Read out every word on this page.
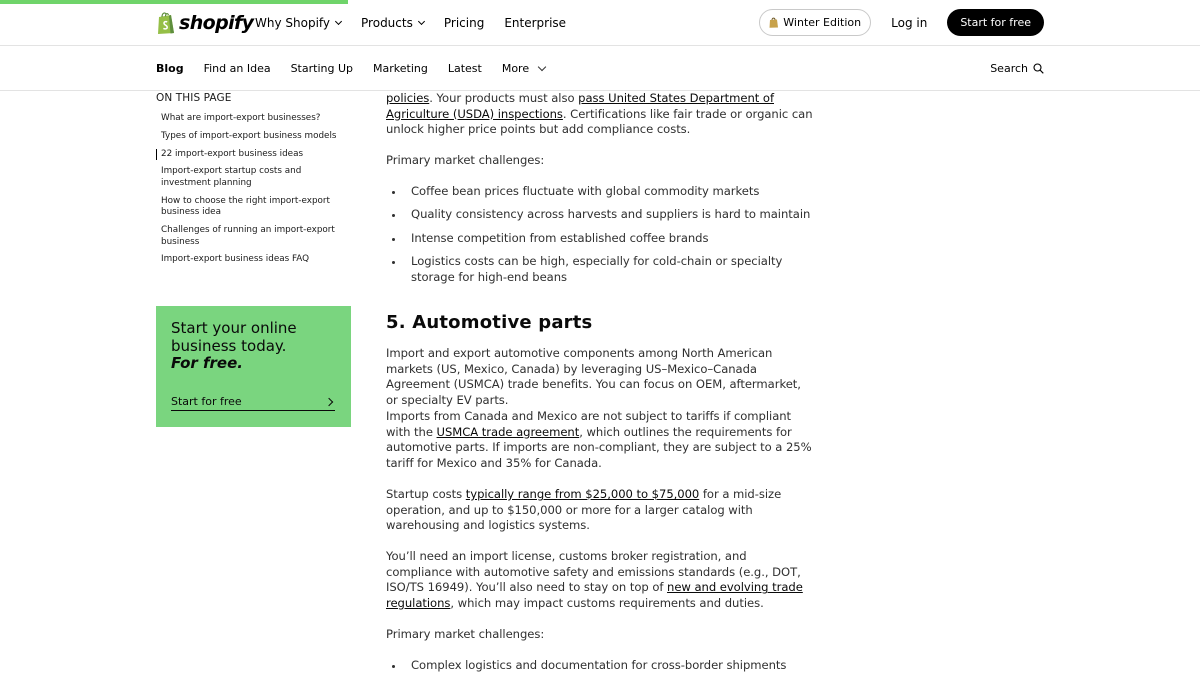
shopify Why Shopify	Products	Pricing Enterprise	Winter Edition	Log in	Start for free
Blog Find an Idea Starting Up Marketing Latest More	Search
ON THIS PAGE
What are import-export businesses?
Types of import-export business models
22 import-export business ideas
Import-export startup costs and investment planning
How to choose the right import-export business idea
Challenges of running an import-export business
Import-export business ideas FAQ
Start your online
business today.
For free.
Start for free

policies. Your products must also pass United States Department of Agriculture (USDA) inspections. Certifications like fair trade or organic can unlock higher price points but add compliance costs.

Primary market challenges:

Coffee bean prices fluctuate with global commodity markets
Quality consistency across harvests and suppliers is hard to maintain
Intense competition from established coffee brands
Logistics costs can be high, especially for cold-chain or specialty storage for high-end beans
5. Automotive parts

Import and export automotive components among North American markets (US, Mexico, Canada) by leveraging US–Mexico–Canada Agreement (USMCA) trade benefits. You can focus on OEM, aftermarket, or specialty EV parts.

Imports from Canada and Mexico are not subject to tariffs if compliant with the USMCA trade agreement, which outlines the requirements for automotive parts. If imports are non-compliant, they are subject to a 25% tariff for Mexico and 35% for Canada.

Startup costs typically range from $25,000 to $75,000 for a mid-size operation, and up to $150,000 or more for a larger catalog with warehousing and logistics systems.

You’ll need an import license, customs broker registration, and compliance with automotive safety and emissions standards (e.g., DOT, ISO/TS 16949). You’ll also need to stay on top of new and evolving trade regulations, which may impact customs requirements and duties.

Primary market challenges:

Complex logistics and documentation for cross-border shipments
